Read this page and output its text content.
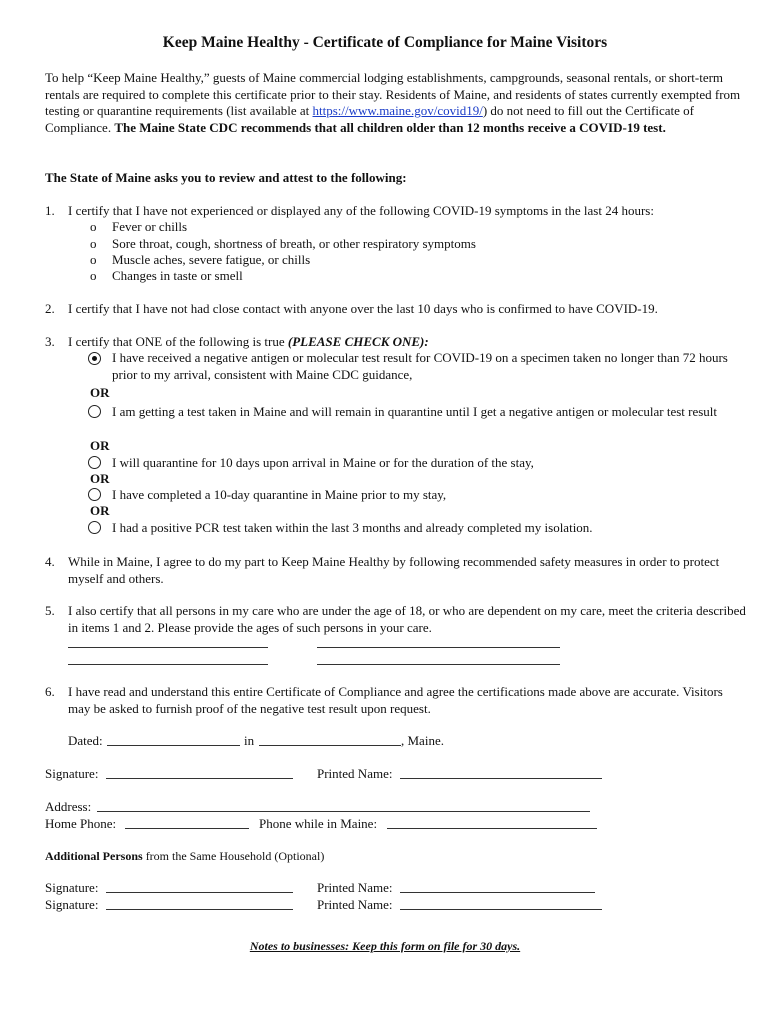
Keep Maine Healthy - Certificate of Compliance for Maine Visitors
To help “Keep Maine Healthy,” guests of Maine commercial lodging establishments, campgrounds, seasonal rentals, or short-term rentals are required to complete this certificate prior to their stay. Residents of Maine, and residents of states currently exempted from testing or quarantine requirements (list available at https://www.maine.gov/covid19/) do not need to fill out the Certificate of Compliance. The Maine State CDC recommends that all children older than 12 months receive a COVID-19 test.
The State of Maine asks you to review and attest to the following:
1. I certify that I have not experienced or displayed any of the following COVID-19 symptoms in the last 24 hours:
o Fever or chills
o Sore throat, cough, shortness of breath, or other respiratory symptoms
o Muscle aches, severe fatigue, or chills
o Changes in taste or smell
2. I certify that I have not had close contact with anyone over the last 10 days who is confirmed to have COVID-19.
3. I certify that ONE of the following is true (PLEASE CHECK ONE):
I have received a negative antigen or molecular test result for COVID-19 on a specimen taken no longer than 72 hours prior to my arrival, consistent with Maine CDC guidance,
OR
I am getting a test taken in Maine and will remain in quarantine until I get a negative antigen or molecular test result
OR
I will quarantine for 10 days upon arrival in Maine or for the duration of the stay,
OR
I have completed a 10-day quarantine in Maine prior to my stay,
OR
I had a positive PCR test taken within the last 3 months and already completed my isolation.
4. While in Maine, I agree to do my part to Keep Maine Healthy by following recommended safety measures in order to protect myself and others.
5. I also certify that all persons in my care who are under the age of 18, or who are dependent on my care, meet the criteria described in items 1 and 2. Please provide the ages of such persons in your care.
6. I have read and understand this entire Certificate of Compliance and agree the certifications made above are accurate. Visitors may be asked to furnish proof of the negative test result upon request.
Dated:	in	, Maine.
Signature:	Printed Name:
Address:
Home Phone:	Phone while in Maine:
Additional Persons from the Same Household (Optional)
Signature:	Printed Name:
Signature:	Printed Name:
Notes to businesses: Keep this form on file for 30 days.
